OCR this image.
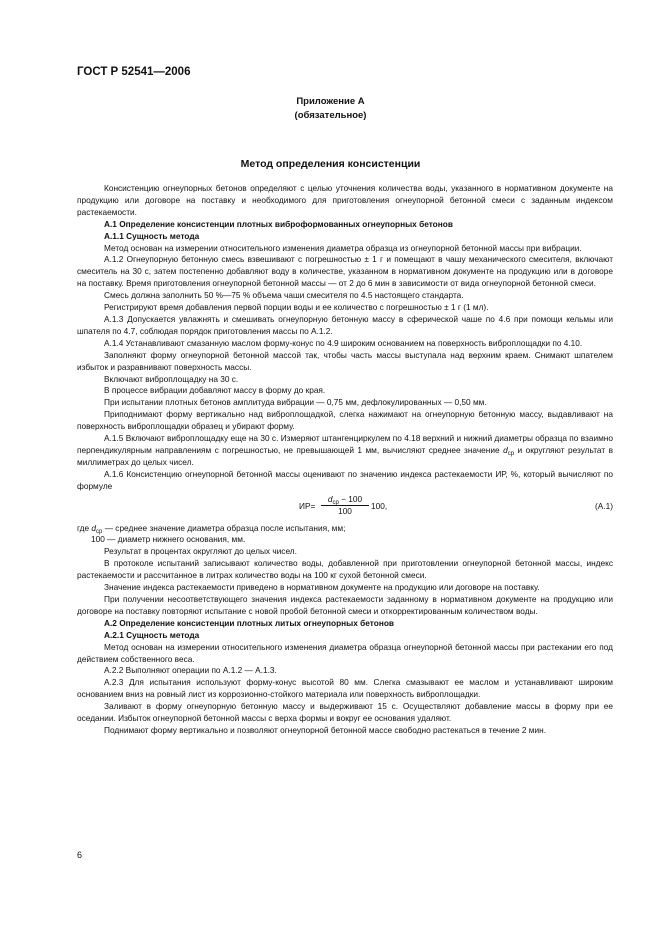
ГОСТ Р 52541—2006
Приложение А
(обязательное)
Метод определения консистенции

Консистенцию огнеупорных бетонов определяют с целью уточнения количества воды, указанного в нормативном документе на продукцию или договоре на поставку и необходимого для приготовления огнеупорной бетонной смеси с заданным индексом растекаемости.

А.1 Определение консистенции плотных виброформованных огнеупорных бетонов

А.1.1 Сущность метода

Метод основан на измерении относительного изменения диаметра образца из огнеупорной бетонной массы при вибрации.

А.1.2 Огнеупорную бетонную смесь взвешивают с погрешностью ± 1 г и помещают в чашу механического смесителя, включают смеситель на 30 с, затем постепенно добавляют воду в количестве, указанном в нормативном документе на продукцию или в договоре на поставку. Время приготовления огнеупорной бетонной массы — от 2 до 6 мин в зависимости от вида огнеупорной бетонной смеси.

Смесь должна заполнить 50 %—75 % объема чаши смесителя по 4.5 настоящего стандарта.

Регистрируют время добавления первой порции воды и ее количество с погрешностью ± 1 г (1 мл).

А.1.3 Допускается увлажнять и смешивать огнеупорную бетонную массу в сферической чаше по 4.6 при помощи кельмы или шпателя по 4.7, соблюдая порядок приготовления массы по А.1.2.

А.1.4 Устанавливают смазанную маслом форму-конус по 4.9 широким основанием на поверхность виброплощадки по 4.10.

Заполняют форму огнеупорной бетонной массой так, чтобы часть массы выступала над верхним краем. Снимают шпателем избыток и разравнивают поверхность массы.

Включают виброплощадку на 30 с.

В процессе вибрации добавляют массу в форму до края.

При испытании плотных бетонов амплитуда вибрации — 0,75 мм, дефлокулированных — 0,50 мм.

Приподнимают форму вертикально над виброплощадкой, слегка нажимают на огнеупорную бетонную массу, выдавливают на поверхность виброплощадки образец и убирают форму.

А.1.5 Включают виброплощадку еще на 30 с. Измеряют штангенциркулем по 4.18 верхний и нижний диаметры образца по взаимно перпендикулярным направлениям с погрешностью, не превышающей 1 мм, вычисляют среднее значение $d_{ср}$ и округляют результат в миллиметрах до целых чисел.

А.1.6 Консистенцию огнеупорной бетонной массы оценивают по значению индекса растекаемости ИР, %, который вычисляют по формуле

ИР=
$d_{ср} - 100$
100	100,	(А.1)

где $d_{ср}$ — среднее значение диаметра образца после испытания, мм;

100 — диаметр нижнего основания, мм.

Результат в процентах округляют до целых чисел.

В протоколе испытаний записывают количество воды, добавленной при приготовлении огнеупорной бетонной массы, индекс растекаемости и рассчитанное в литрах количество воды на 100 кг сухой бетонной смеси.

Значение индекса растекаемости приведено в нормативном документе на продукцию или договоре на поставку.

При получении несоответствующего значения индекса растекаемости заданному в нормативном документе на продукцию или договоре на поставку повторяют испытание с новой пробой бетонной смеси и откорректированным количеством воды.

А.2 Определение консистенции плотных литых огнеупорных бетонов

А.2.1 Сущность метода

Метод основан на измерении относительного изменения диаметра образца огнеупорной бетонной массы при растекании его под действием собственного веса.

А.2.2 Выполняют операции по А.1.2 — А.1.3.

А.2.3 Для испытания используют форму-конус высотой 80 мм. Слегка смазывают ее маслом и устанавливают широким основанием вниз на ровный лист из коррозионно-стойкого материала или поверхность виброплощадки.

Заливают в форму огнеупорную бетонную массу и выдерживают 15 с. Осуществляют добавление массы в форму при ее оседании. Избыток огнеупорной бетонной массы с верха формы и вокруг ее основания удаляют.

Поднимают форму вертикально и позволяют огнеупорной бетонной массе свободно растекаться в течение 2 мин.

6
